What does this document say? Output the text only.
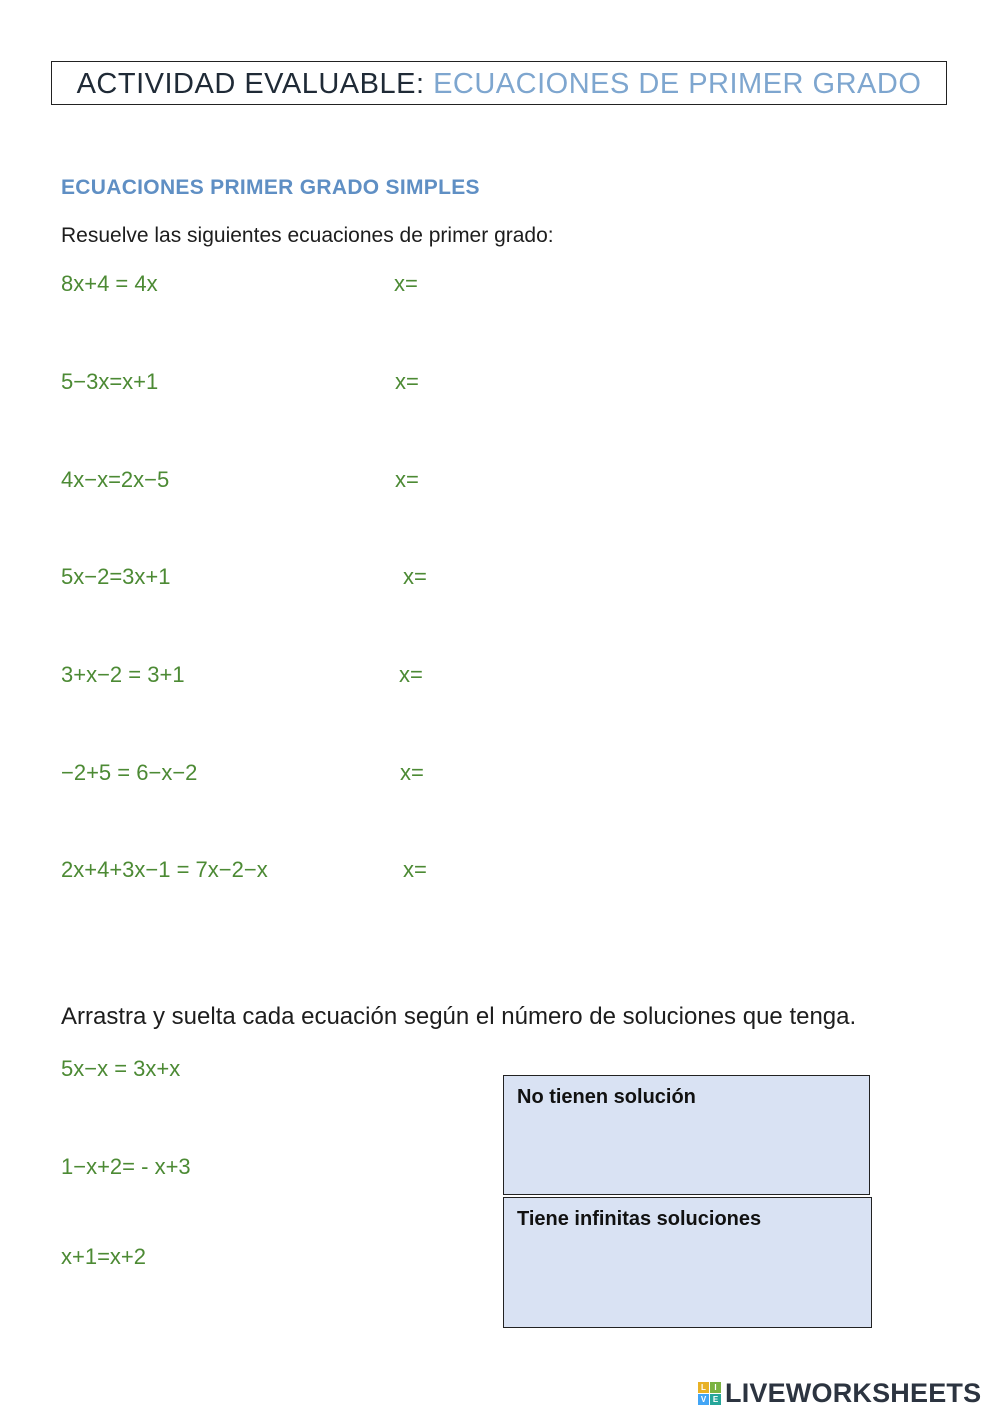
ACTIVIDAD EVALUABLE: ECUACIONES DE PRIMER GRADO
ECUACIONES PRIMER GRADO SIMPLES
Resuelve las siguientes ecuaciones de primer grado:
8x+4 = 4x	x=
5−3x=x+1	x=
4x−x=2x−5	x=
5x−2=3x+1	x=
3+x−2 = 3+1	x=
−2+5 = 6−x−2	x=
2x+4+3x−1 = 7x−2−x	x=
Arrastra y suelta cada ecuación según el número de soluciones que tenga.
5x−x = 3x+x
1−x+2= - x+3
x+1=x+2
No tienen solución
Tiene infinitas soluciones
L	I
V E LIVEWORKSHEETS
